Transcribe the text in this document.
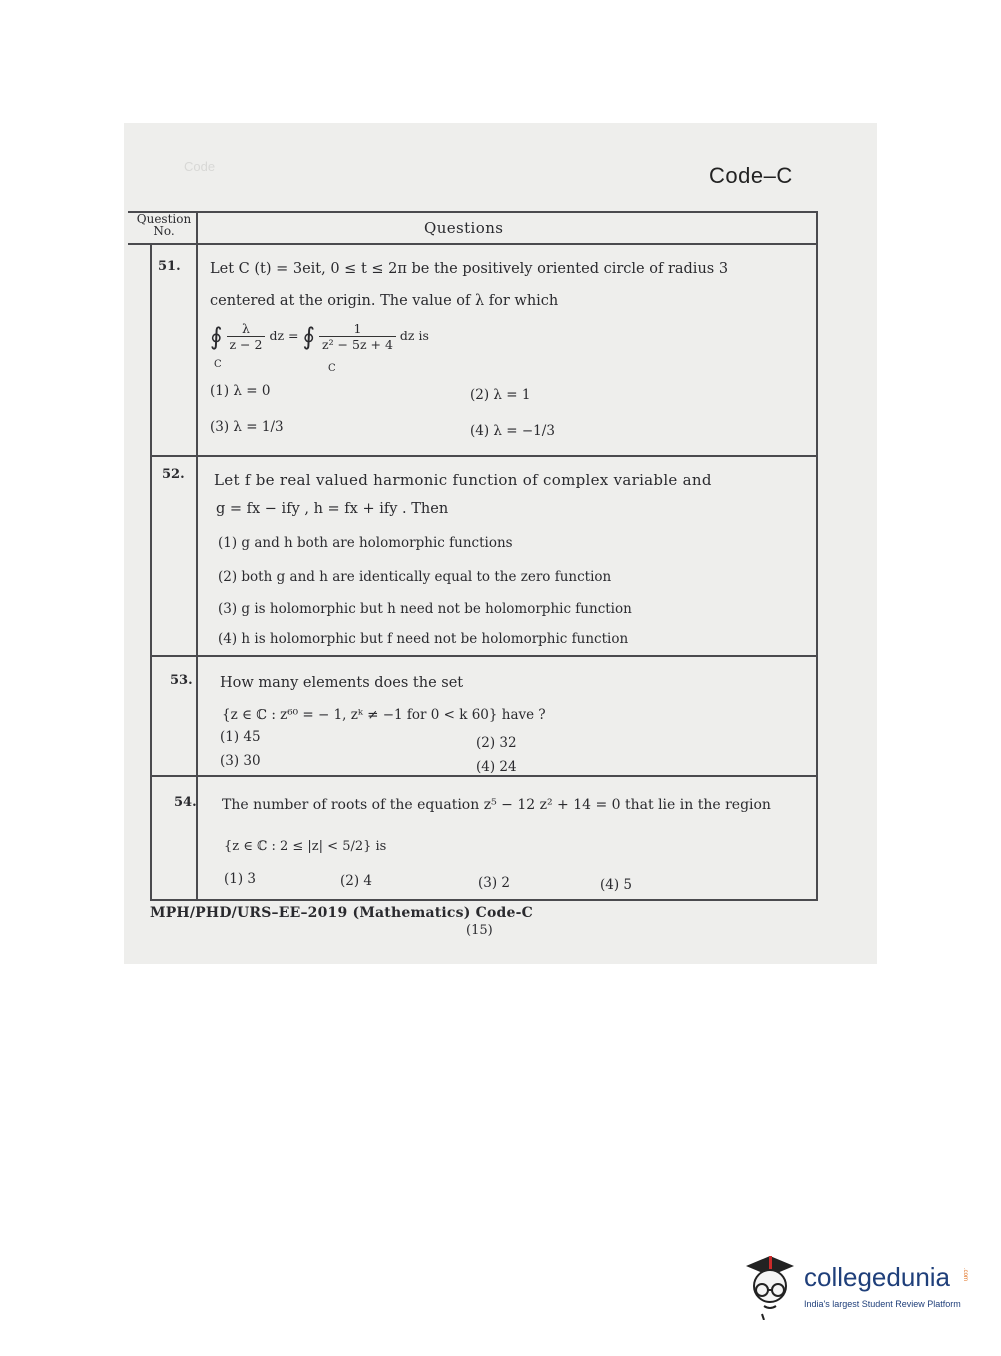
Code	Code–C
Question No.	Questions
51. Let C (t) = 3eit, 0 ≤ t ≤ 2π be the positively oriented circle of radius 3
centered at the origin. The value of λ for which
∮ $\frac{\lambda}{z - 2}$ dz = ∮ $\frac{1}{\text{z² − 5z + 4}}$ dz is
C	C
(1) λ = 0	(2) λ = 1
(3) λ = 1/3	(4) λ = −1/3
52. Let f be real valued harmonic function of complex variable and
g = fx − ify , h = fx + ify . Then
(1) g and h both are holomorphic functions
(2) both g and h are identically equal to the zero function
(3) g is holomorphic but h need not be holomorphic function
(4) h is holomorphic but f need not be holomorphic function
53. How many elements does the set
{z ∈ ℂ : z⁶⁰ = − 1, zᵏ ≠ −1 for 0 < k 60} have ?
(1) 45	(2) 32
(3) 30	(4) 24
54. The number of roots of the equation z⁵ − 12 z² + 14 = 0 that lie in the region
{z ∈ ℂ : 2 ≤ |z| < 5/2} is
(1) 3	(2) 4	(3) 2	(4) 5
MPH/PHD/URS–EE–2019 (Mathematics) Code-C
(15)
collegedunia .com
India's largest Student Review Platform
